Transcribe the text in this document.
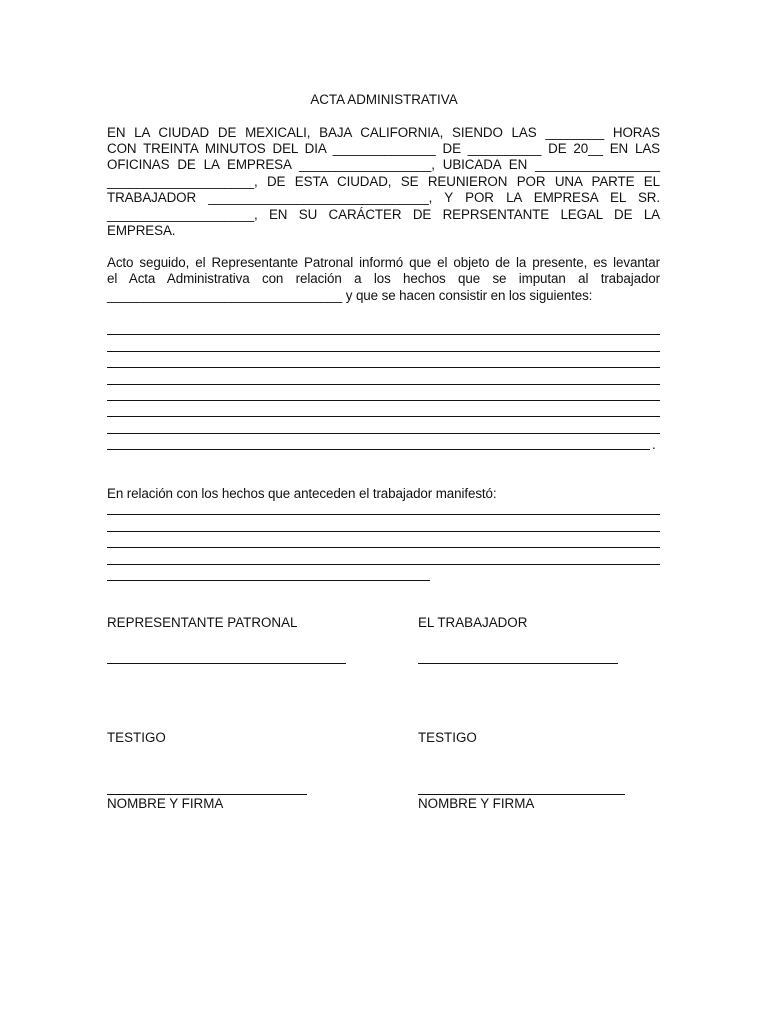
ACTA ADMINISTRATIVA
EN LA CIUDAD DE MEXICALI, BAJA CALIFORNIA, SIENDO LAS ________ HORAS
CON TREINTA MINUTOS DEL DIA ______________ DE __________ DE 20__ EN LAS
OFICINAS DE LA EMPRESA __________________, UBICADA EN _________________
____________________, DE ESTA CIUDAD, SE REUNIERON POR UNA PARTE EL
TRABAJADOR ______________________________, Y POR LA EMPRESA EL SR.
____________________, EN SU CARÁCTER DE REPRSENTANTE LEGAL DE LA
EMPRESA.
Acto seguido, el Representante Patronal informó que el objeto de la presente, es levantar
el Acta Administrativa con relación a los hechos que se imputan al trabajador
________________________________ y que se hacen consistir en los siguientes:
.
En relación con los hechos que anteceden el trabajador manifestó:
REPRESENTANTE PATRONAL	EL TRABAJADOR
TESTIGO	TESTIGO
NOMBRE Y FIRMA	NOMBRE Y FIRMA
